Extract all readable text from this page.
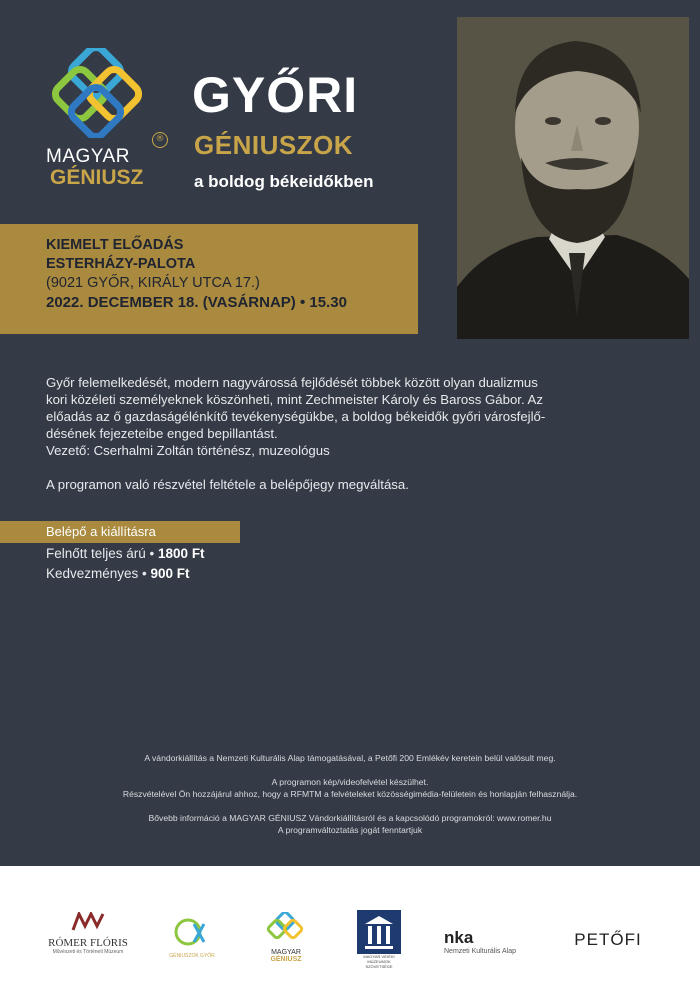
®
MAGYAR
GÉNIUSZ
GYŐRI
GÉNIUSZOK
a boldog békeidőkben
KIEMELT ELŐADÁS
ESTERHÁZY-PALOTA
(9021 GYŐR, KIRÁLY UTCA 17.)
2022. DECEMBER 18. (VASÁRNAP) • 15.30
Győr felemelkedését, modern nagyvárossá fejlődését többek között olyan dualizmus
kori közéleti személyeknek köszönheti, mint Zechmeister Károly és Baross Gábor. Az
előadás az ő gazdaságélénkítő tevékenységükbe, a boldog békeidők győri városfejlő-
désének fejezeteibe enged bepillantást.
Vezető: Cserhalmi Zoltán történész, muzeológus
A programon való részvétel feltétele a belépőjegy megváltása.
Belépő a kiállításra
Felnőtt teljes árú • 1800 Ft
Kedvezményes • 900 Ft
A vándorkiállítás a Nemzeti Kulturális Alap támogatásával, a Petőfi 200 Emlékév keretein belül valósult meg.
A programon kép/videofelvétel készülhet.
Részvételével Ön hozzájárul ahhoz, hogy a RFMTM a felvételeket közösségimédia-felületein és honlapján felhasználja.
Bővebb információ a MAGYAR GÉNIUSZ Vándorkiállításról és a kapcsolódó programokról: www.romer.hu
A programváltoztatás jogát fenntartjuk
RÓMER FLÓRIS
Művészeti és Történeti Múzeum
GÉNIUSZOK GYŐR	MAGYAR
GÉNIUSZ	MAGYAR VIDÉKI MÚZEUMOK SZÖVETSÉGE
nka
Nemzeti Kulturális Alap
PETŐFI
